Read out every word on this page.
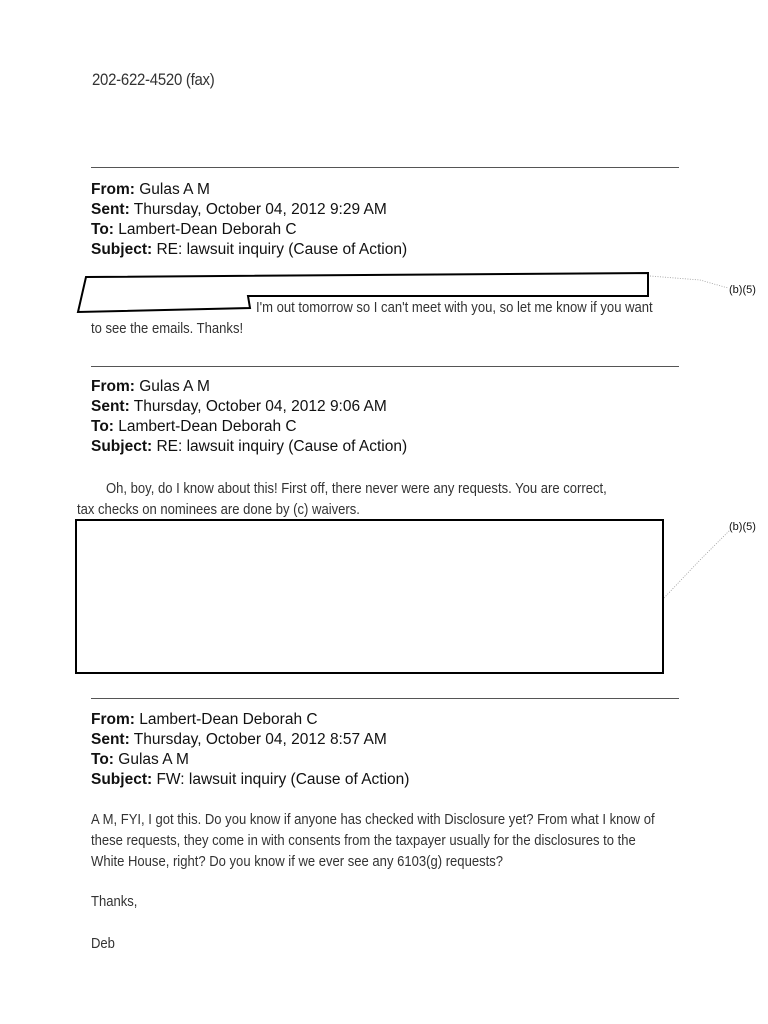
202-622-4520 (fax)
From: Gulas A M
Sent: Thursday, October 04, 2012 9:29 AM
To: Lambert-Dean Deborah C
Subject: RE: lawsuit inquiry (Cause of Action)
I'm out tomorrow so I can't meet with you, so let me know if you want
to see the emails. Thanks!
From: Gulas A M
Sent: Thursday, October 04, 2012 9:06 AM
To: Lambert-Dean Deborah C
Subject: RE: lawsuit inquiry (Cause of Action)
Oh, boy, do I know about this! First off, there never were any requests. You are correct,
tax checks on nominees are done by (c) waivers.
(b)(5)
(b)(5)
From: Lambert-Dean Deborah C
Sent: Thursday, October 04, 2012 8:57 AM
To: Gulas A M
Subject: FW: lawsuit inquiry (Cause of Action)
A M, FYI, I got this. Do you know if anyone has checked with Disclosure yet? From what I know of
these requests, they come in with consents from the taxpayer usually for the disclosures to the
White House, right? Do you know if we ever see any 6103(g) requests?
Thanks,
Deb
